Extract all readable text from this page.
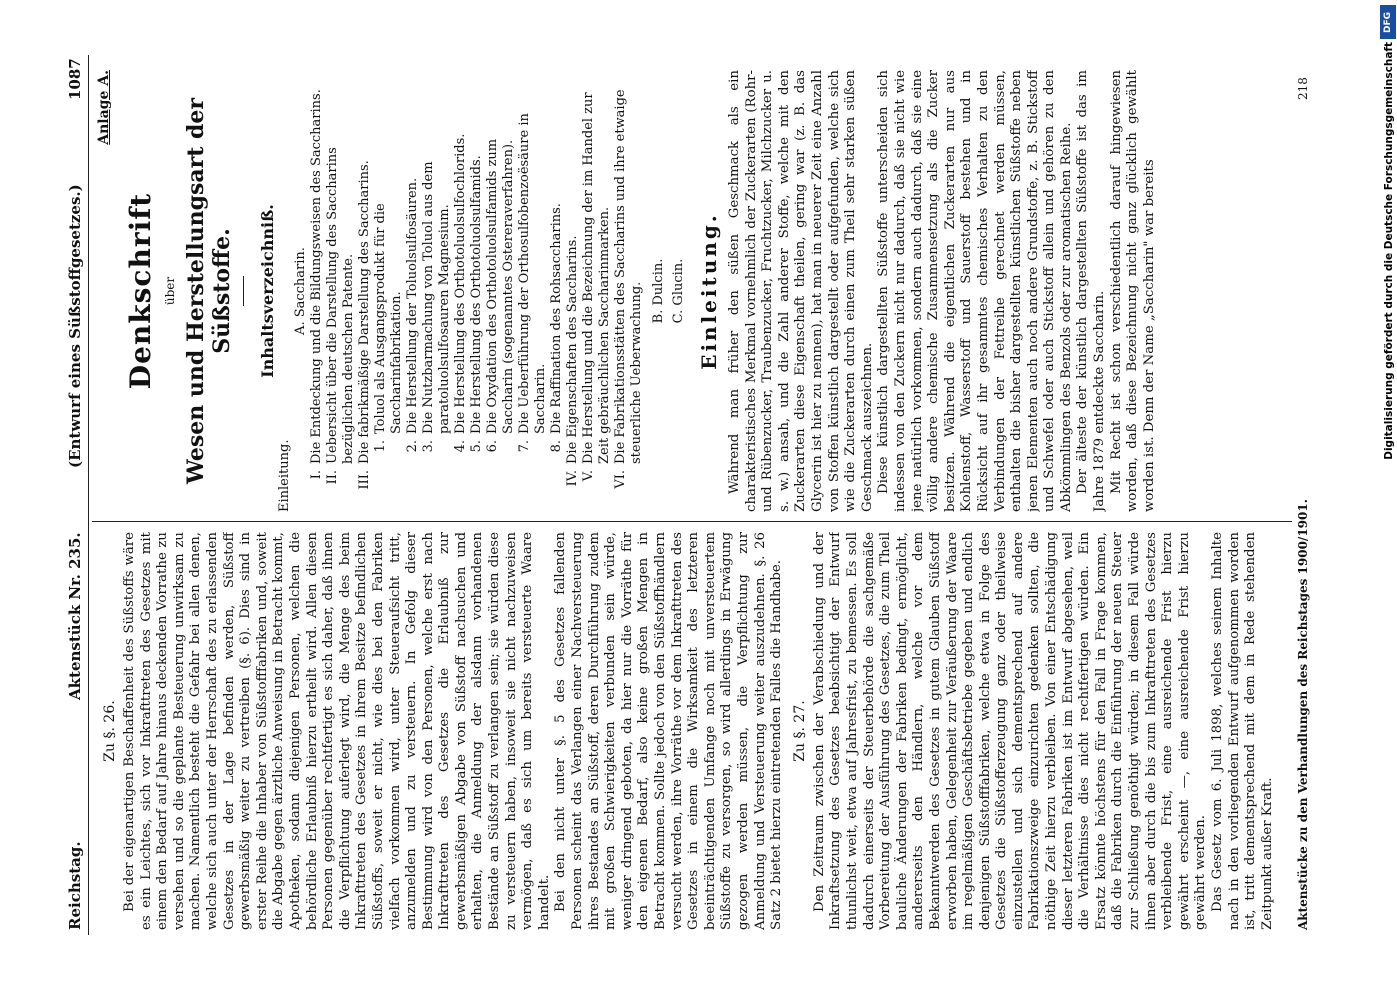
Reichstag.
Aktenstück Nr. 235.
(Entwurf eines Süßstoffgesetzes.)
1087
Zu §. 26. Bei der eigenartigen Beschaffenheit des Süßstoffs wäre es ein Leichtes, sich vor Inkrafttreten des Gesetzes mit einem den Bedarf auf Jahre hinaus deckenden Vorrathe zu versehen und so die geplante Besteuerung unwirksam zu machen. Namentlich besteht die Gefahr bei allen denen, welche sich auch unter der Herrschaft des zu erlassenden Gesetzes in der Lage befinden werden, Süßstoff gewerbsmäßig weiter zu vertreiben (§. 6). Dies sind in erster Reihe die Inhaber von Süßstofffabriken und, soweit die Abgabe gegen ärztliche Anweisung in Betracht kommt, Apotheken, sodann diejenigen Personen, welchen die behördliche Erlaubniß hierzu ertheilt wird. Allen diesen Personen gegenüber rechtfertigt es sich daher, daß ihnen die Verpflichtung auferlegt wird, die Menge des beim Inkrafttreten des Gesetzes in ihrem Besitze befindlichen Süßstoffs, soweit er nicht, wie dies bei den Fabriken vielfach vorkommen wird, unter Steueraufsicht tritt, anzumelden und zu versteuern. In Gefolg dieser Bestimmung wird von den Personen, welche erst nach Inkrafttreten des Gesetzes die Erlaubniß zur gewerbsmäßigen Abgabe von Süßstoff nachsuchen und erhalten, die Anmeldung der alsdann vorhandenen Bestände an Süßstoff zu verlangen sein; sie würden diese zu versteuern haben, insoweit sie nicht nachzuweisen vermögen, daß es sich um bereits versteuerte Waare handelt. Bei den nicht unter §. 5 des Gesetzes fallenden Personen scheint das Verlangen einer Nachversteuerung ihres Bestandes an Süßstoff, deren Durchführung zudem mit großen Schwierigkeiten verbunden sein würde, weniger dringend geboten, da hier nur die Vorräthe für den eigenen Bedarf, also keine großen Mengen in Betracht kommen. Sollte jedoch von den Süßstoffhändlern versucht werden, ihre Vorräthe vor dem Inkrafttreten des Gesetzes in einem die Wirksamkeit des letzteren beeinträchtigenden Umfange noch mit unversteuertem Süßstoffe zu versorgen, so wird allerdings in Erwägung gezogen werden müssen, die Verpflichtung zur Anmeldung und Versteuerung weiter auszudehnen. §. 26 Satz 2 bietet hierzu eintretenden Falles die Handhabe. Zu §. 27. Den Zeitraum zwischen der Verabschiedung und der Inkraftsetzung des Gesetzes beabsichtigt der Entwurf thunlichst weit, etwa auf Jahresfrist, zu bemessen. Es soll dadurch einerseits der Steuerbehörde die sachgemäße Vorbereitung der Ausführung des Gesetzes, die zum Theil bauliche Änderungen der Fabriken bedingt, ermöglicht, andererseits den Händlern, welche vor dem Bekanntwerden des Gesetzes in gutem Glauben Süßstoff erworben haben, Gelegenheit zur Veräußerung der Waare im regelmäßigen Geschäftsbetriebe gegeben und endlich denjenigen Süßstofffabriken, welche etwa in Folge des Gesetzes die Süßstofferzeugung ganz oder theilweise einzustellen und sich dementsprechend auf andere Fabrikationszweige einzurichten gedenken sollten, die nöthige Zeit hierzu verbleiben. Von einer Entschädigung dieser letzteren Fabriken ist im Entwurf abgesehen, weil die Verhältnisse dies nicht rechtfertigen würden. Ein Ersatz könnte höchstens für den Fall in Frage kommen, daß die Fabriken durch die Einführung der neuen Steuer zur Schließung genöthigt würden; in diesem Fall würde ihnen aber durch die bis zum Inkrafttreten des Gesetzes verbleibende Frist, eine ausreichende Frist hierzu gewährt erscheint —, eine ausreichende Frist hierzu gewährt werden. Das Gesetz vom 6. Juli 1898, welches seinem Inhalte nach in den vorliegenden Entwurf aufgenommen worden ist, tritt dementsprechend mit dem in Rede stehenden Zeitpunkt außer Kraft.

Anlage A.
Denkschrift über Wesen und Herstellungsart der Süßstoffe. Inhaltsverzeichniß.
Einleitung.
A. Saccharin.
I.
Die Entdeckung und die Bildungsweisen des Saccharins.
II.
Uebersicht über die Darstellung des Saccharins bezüglichen deutschen Patente.
III.
Die fabrikmäßige Darstellung des Saccharins. 1.
Toluol als Ausgangsprodukt für die Saccharinfabrikation.
2.
Die Herstellung der Toluolsulfosäuren.
3.
Die Nutzbarmachung von Toluol aus dem paratoluolsulfosauren Magnesium.
4.
Die Herstellung des Orthotoluolsulfochlorids.
5.
Die Herstellung des Orthotoluolsulfamids.
6.
Die Oxydation des Orthotoluolsulfamids zum Saccharin (sogenanntes Ostereraverfahren).
7.
Die Ueberführung der Orthosulfobenzoësäure in Saccharin.
8.
Die Raffination des Rohsaccharins.
IV.
Die Eigenschaften des Saccharins.
V.
Die Herstellung und die Bezeichnung der im Handel zur Zeit gebräuchlichen Saccharinmarken.
VI.
Die Fabrikationsstätten des Saccharins und ihre etwaige steuerliche Ueberwachung. B. Dulcin. C. Glucin. Einleitung. Während man früher den süßen Geschmack als ein charakteristisches Merkmal vornehmlich der Zuckerarten (Rohr- und Rübenzucker, Traubenzucker, Fruchtzucker, Milchzucker u. s. w.) ansah, und die Zahl anderer Stoffe, welche mit den Zuckerarten diese Eigenschaft theilen, gering war (z. B. das Glycerin ist hier zu nennen), hat man in neuerer Zeit eine Anzahl von Stoffen künstlich dargestellt oder aufgefunden, welche sich wie die Zuckerarten durch einen zum Theil sehr starken süßen Geschmack auszeichnen. Diese künstlich dargestellten Süßstoffe unterscheiden sich indessen von den Zuckern nicht nur dadurch, daß sie nicht wie jene natürlich vorkommen, sondern auch dadurch, daß sie eine völlig andere chemische Zusammensetzung als die Zucker besitzen. Während die eigentlichen Zuckerarten nur aus Kohlenstoff, Wasserstoff und Sauerstoff bestehen und in Rücksicht auf ihr gesammtes chemisches Verhalten zu den Verbindungen der Fettreihe gerechnet werden müssen, enthalten die bisher dargestellten künstlichen Süßstoffe neben jenen Elementen auch noch andere Grundstoffe, z. B. Stickstoff und Schwefel oder auch Stickstoff allein und gehören zu den Abkömmlingen des Benzols oder zur aromatischen Reihe. Der älteste der künstlich dargestellten Süßstoffe ist das im Jahre 1879 entdeckte Saccharin. Mit Recht ist schon verschiedentlich darauf hingewiesen worden, daß diese Bezeichnung nicht ganz glücklich gewählt worden ist. Denn der Name „Saccharin" war bereits

Aktenstücke zu den Verhandlungen des Reichstages 1900/1901.
218
DFG
Digitalisierung gefördert durch die Deutsche Forschungsgemeinschaft
